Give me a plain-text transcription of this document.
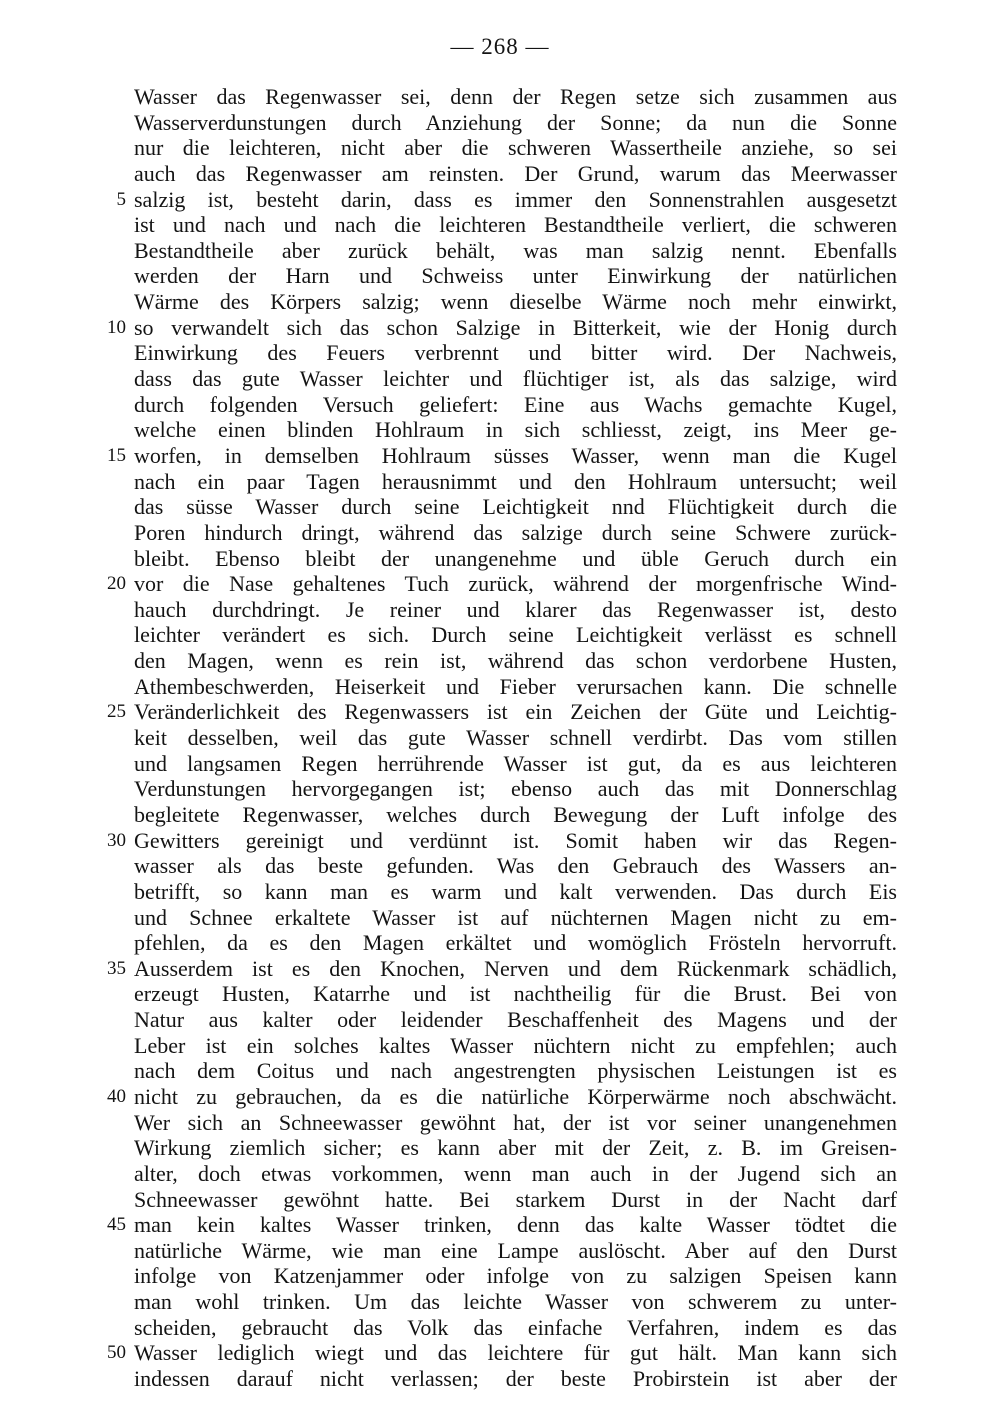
— 268 —
Wasser das Regenwasser sei, denn der Regen setze sich zusammen aus
Wasserverdunstungen durch Anziehung der Sonne; da nun die Sonne
nur die leichteren, nicht aber die schweren Wassertheile anziehe, so sei
auch das Regenwasser am reinsten. Der Grund, warum das Meerwasser
5 salzig ist, besteht darin, dass es immer den Sonnenstrahlen ausgesetzt
ist und nach und nach die leichteren Bestandtheile verliert, die schweren
Bestandtheile aber zurück behält, was man salzig nennt. Ebenfalls
werden der Harn und Schweiss unter Einwirkung der natürlichen
Wärme des Körpers salzig; wenn dieselbe Wärme noch mehr einwirkt,
10 so verwandelt sich das schon Salzige in Bitterkeit, wie der Honig durch
Einwirkung des Feuers verbrennt und bitter wird. Der Nachweis,
dass das gute Wasser leichter und flüchtiger ist, als das salzige, wird
durch folgenden Versuch geliefert: Eine aus Wachs gemachte Kugel,
welche einen blinden Hohlraum in sich schliesst, zeigt, ins Meer ge-
15 worfen, in demselben Hohlraum süsses Wasser, wenn man die Kugel
nach ein paar Tagen herausnimmt und den Hohlraum untersucht; weil
das süsse Wasser durch seine Leichtigkeit nnd Flüchtigkeit durch die
Poren hindurch dringt, während das salzige durch seine Schwere zurück-
bleibt. Ebenso bleibt der unangenehme und üble Geruch durch ein
20 vor die Nase gehaltenes Tuch zurück, während der morgenfrische Wind-
hauch durchdringt. Je reiner und klarer das Regenwasser ist, desto
leichter verändert es sich. Durch seine Leichtigkeit verlässt es schnell
den Magen, wenn es rein ist, während das schon verdorbene Husten,
Athembeschwerden, Heiserkeit und Fieber verursachen kann. Die schnelle
25 Veränderlichkeit des Regenwassers ist ein Zeichen der Güte und Leichtig-
keit desselben, weil das gute Wasser schnell verdirbt. Das vom stillen
und langsamen Regen herrührende Wasser ist gut, da es aus leichteren
Verdunstungen hervorgegangen ist; ebenso auch das mit Donnerschlag
begleitete Regenwasser, welches durch Bewegung der Luft infolge des
30 Gewitters gereinigt und verdünnt ist. Somit haben wir das Regen-
wasser als das beste gefunden. Was den Gebrauch des Wassers an-
betrifft, so kann man es warm und kalt verwenden. Das durch Eis
und Schnee erkaltete Wasser ist auf nüchternen Magen nicht zu em-
pfehlen, da es den Magen erkältet und womöglich Frösteln hervorruft.
35 Ausserdem ist es den Knochen, Nerven und dem Rückenmark schädlich,
erzeugt Husten, Katarrhe und ist nachtheilig für die Brust. Bei von
Natur aus kalter oder leidender Beschaffenheit des Magens und der
Leber ist ein solches kaltes Wasser nüchtern nicht zu empfehlen; auch
nach dem Coitus und nach angestrengten physischen Leistungen ist es
40 nicht zu gebrauchen, da es die natürliche Körperwärme noch abschwächt.
Wer sich an Schneewasser gewöhnt hat, der ist vor seiner unangenehmen
Wirkung ziemlich sicher; es kann aber mit der Zeit, z. B. im Greisen-
alter, doch etwas vorkommen, wenn man auch in der Jugend sich an
Schneewasser gewöhnt hatte. Bei starkem Durst in der Nacht darf
45 man kein kaltes Wasser trinken, denn das kalte Wasser tödtet die
natürliche Wärme, wie man eine Lampe auslöscht. Aber auf den Durst
infolge von Katzenjammer oder infolge von zu salzigen Speisen kann
man wohl trinken. Um das leichte Wasser von schwerem zu unter-
scheiden, gebraucht das Volk das einfache Verfahren, indem es das
50 Wasser lediglich wiegt und das leichtere für gut hält. Man kann sich
indessen darauf nicht verlassen; der beste Probirstein ist aber der
